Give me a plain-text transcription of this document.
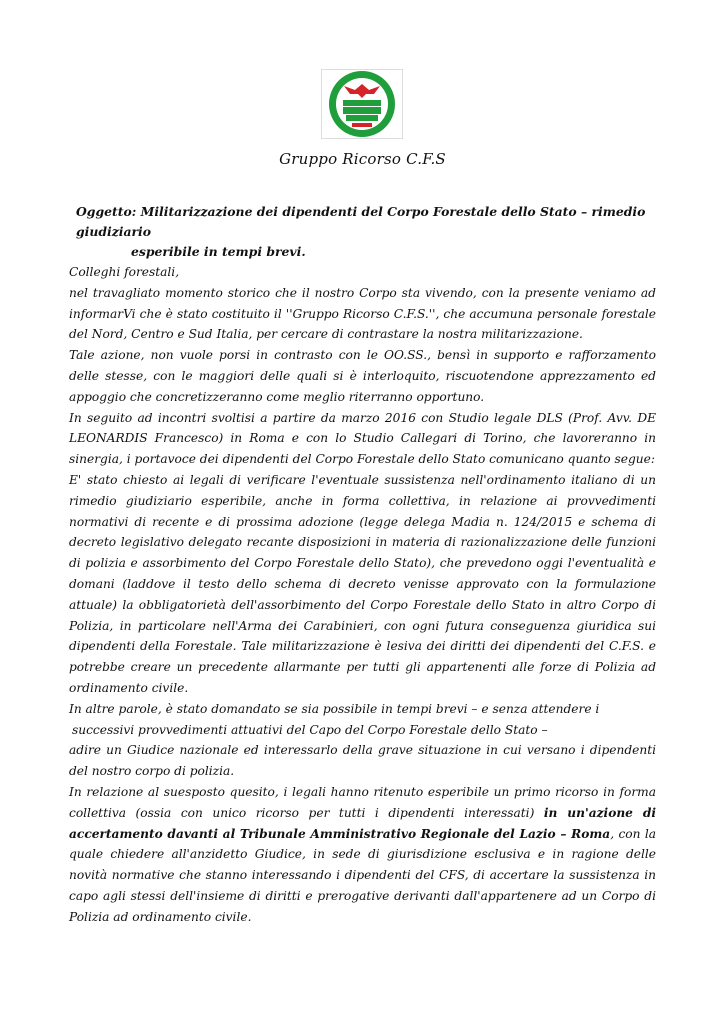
Gruppo Ricorso C.F.S
Oggetto: Militarizzazione dei dipendenti del Corpo Forestale dello Stato – rimedio giudiziario
esperibile in tempi brevi.

Colleghi forestali,

nel travagliato momento storico che il nostro Corpo sta vivendo, con la presente veniamo ad informarVi che è stato costituito il ''Gruppo Ricorso C.F.S.'', che accumuna personale forestale del Nord, Centro e Sud Italia, per cercare di contrastare la nostra militarizzazione.

Tale azione, non vuole porsi in contrasto con le OO.SS., bensì in supporto e rafforzamento delle stesse, con le maggiori delle quali si è interloquito, riscuotendone apprezzamento ed appoggio che concretizzeranno come meglio riterranno opportuno.

In seguito ad incontri svoltisi a partire da marzo 2016 con Studio legale DLS (Prof. Avv. DE LEONARDIS Francesco) in Roma e con lo Studio Callegari di Torino, che lavoreranno in sinergia, i portavoce dei dipendenti del Corpo Forestale dello Stato comunicano quanto segue:

E' stato chiesto ai legali di verificare l'eventuale sussistenza nell'ordinamento italiano di un rimedio giudiziario esperibile, anche in forma collettiva, in relazione ai provvedimenti normativi di recente e di prossima adozione (legge delega Madia n. 124/2015 e schema di decreto legislativo delegato recante disposizioni in materia di razionalizzazione delle funzioni di polizia e assorbimento del Corpo Forestale dello Stato), che prevedono oggi l'eventualità e domani (laddove il testo dello schema di decreto venisse approvato con la formulazione attuale) la obbligatorietà dell'assorbimento del Corpo Forestale dello Stato in altro Corpo di Polizia, in particolare nell'Arma dei Carabinieri, con ogni futura conseguenza giuridica sui dipendenti della Forestale. Tale militarizzazione è lesiva dei diritti dei dipendenti del C.F.S. e potrebbe creare un precedente allarmante per tutti gli appartenenti alle forze di Polizia ad ordinamento civile.

In altre parole, è stato domandato se sia possibile in tempi brevi – e senza attendere i

successivi provvedimenti attuativi del Capo del Corpo Forestale dello Stato –

adire un Giudice nazionale ed interessarlo della grave situazione in cui versano i dipendenti del nostro corpo di polizia.

In relazione al suesposto quesito, i legali hanno ritenuto esperibile un primo ricorso in forma collettiva (ossia con unico ricorso per tutti i dipendenti interessati) in un'azione di accertamento davanti al Tribunale Amministrativo Regionale del Lazio – Roma, con la quale chiedere all'anzidetto Giudice, in sede di giurisdizione esclusiva e in ragione delle novità normative che stanno interessando i dipendenti del CFS, di accertare la sussistenza in capo agli stessi dell'insieme di diritti e prerogative derivanti dall'appartenere ad un Corpo di Polizia ad ordinamento civile.
